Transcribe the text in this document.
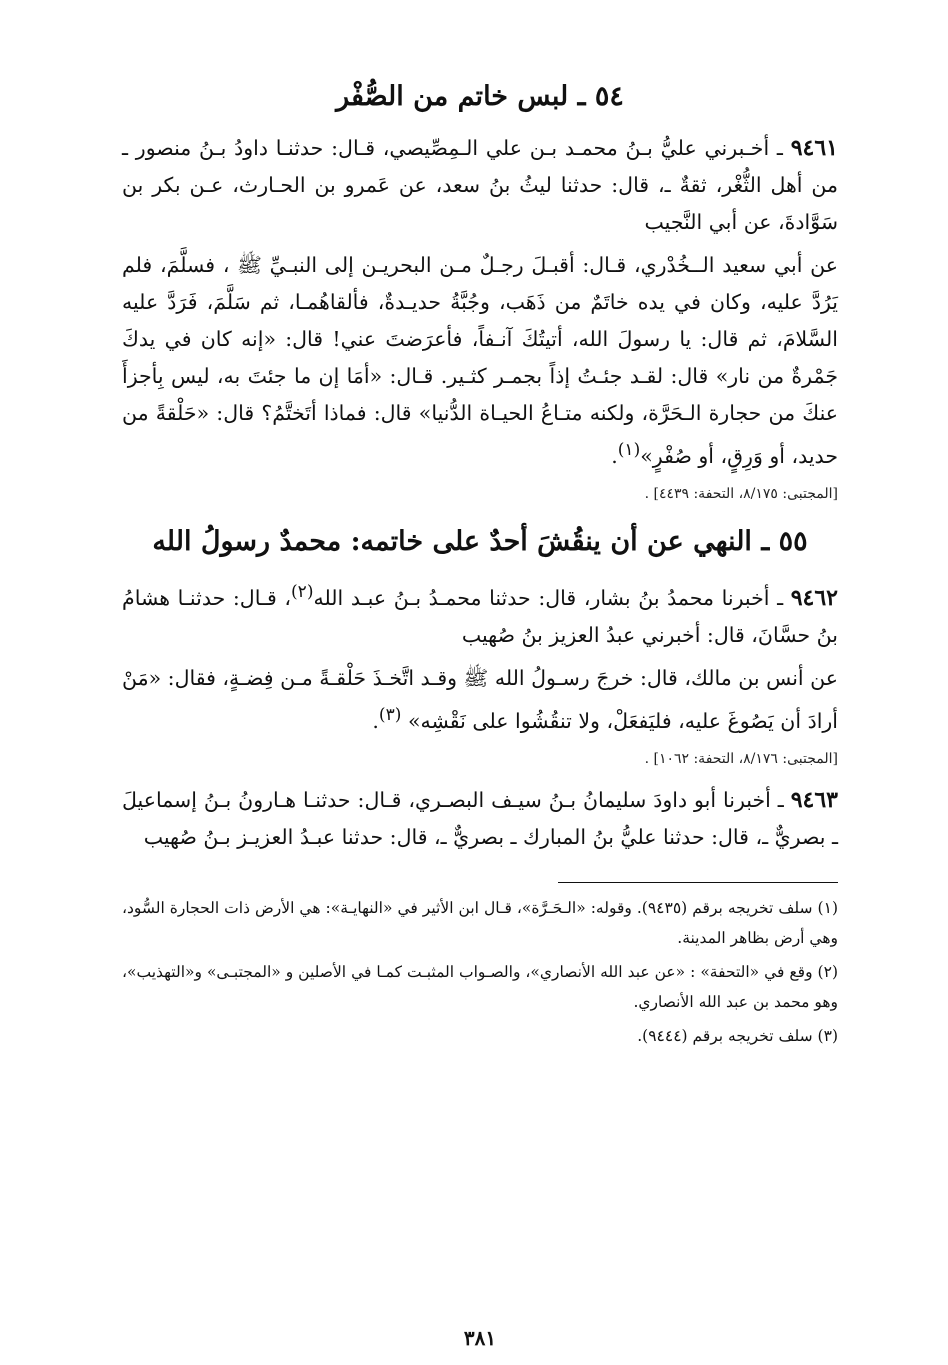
٥٤ ـ لبس خاتم من الصُّفْر

٩٤٦١ ـ أخـبرني عليُّ بـنُ محمـد بـن علي الـمِصِّيصي، قـال: حدثنـا داودُ بـنُ منصور ـ من أهل الثُّغْر، ثقةٌ ـ، قال: حدثنا ليثُ بنُ سعد، عن عَمرو بن الحـارث، عـن بكر بن سَوَّادةَ، عن أبي النَّجيب

عن أبي سعيد الــخُدْري، قـال: أقبـلَ رجـلٌ مـن البحريـن إلى النبـيِّ ﷺ ، فسلَّمَ، فلم يَرُدَّ عليه، وكان في يده خاتَمٌ من ذَهَب، وجُبَّةُ حديـدةٌ، فألقاهُمـا، ثم سَلَّمَ، فَرَدَّ عليه السَّلامَ، ثم قال: يا رسولَ الله، أتيتُكَ آنـفاً، فأعرَضتَ عني! قال: «إنه كان في يدكَ جَمْرةٌ من نار» قال: لقـد جئـتُ إذاً بجمـر كثـير. قـال: «أمَا إن ما جئتَ به، ليس بِأجزأَ عنكَ من حجارة الـحَرَّة، ولكنه متـاعُ الحيـاة الدُّنيا» قال: فماذا أتَختَّمُ؟ قال: «حَلْقةً من حديد، أو وَرِقٍ، أو صُفْرٍ»$^{(١)}$.

[المجتبى: ٨/١٧٥، التحفة: ٤٤٣٩] .
٥٥ ـ النهي عن أن ينقُشَ أحدٌ على خاتمه: محمدٌ رسولُ الله

٩٤٦٢ ـ أخبرنا محمدُ بنُ بشار، قال: حدثنا محمـدُ بـنُ عبـد الله$^{(٢)}$، قـال: حدثنـا هشامُ بنُ حسَّانَ، قال: أخبرني عبدُ العزيز بنُ صُهيب

عن أنس بن مالك، قال: خرجَ رسـولُ الله ﷺ وقـد اتَّخـذَ حَلْقـةً مـن فِضـةٍ، فقال: «مَنْ أرادَ أن يَصُوغَ عليه، فليَفعَلْ، ولا تنقُشُوا على نَقْشِه» $^{(٣)}$.

[المجتبى: ٨/١٧٦، التحفة: ١٠٦٢] .

٩٤٦٣ ـ أخبرنا أبو داودَ سليمانُ بـنُ سيـف البصـري، قـال: حدثنـا هـارونُ بـنُ إسماعيلَ ـ بصريٌّ ـ، قال: حدثنا عليُّ بنُ المبارك ـ بصريٌّ ـ، قال: حدثنا عبـدُ العزيـز بـنُ صُهيب

(١) سلف تخريجه برقم (٩٤٣٥). وقوله: «الـحَـرَّة»، قـال ابن الأثير في «النهايـة»: هي الأرض ذات الحجارة السُّود، وهي أرض بظاهر المدينة.

(٢) وقع في «التحفة» : «عن عبد الله الأنصاري»، والصـواب المثبـت كمـا في الأصلين و «المجتبـى» و«التهذيب»، وهو محمد بن عبد الله الأنصاري.

(٣) سلف تخريجه برقم (٩٤٤٤).

٣٨١
